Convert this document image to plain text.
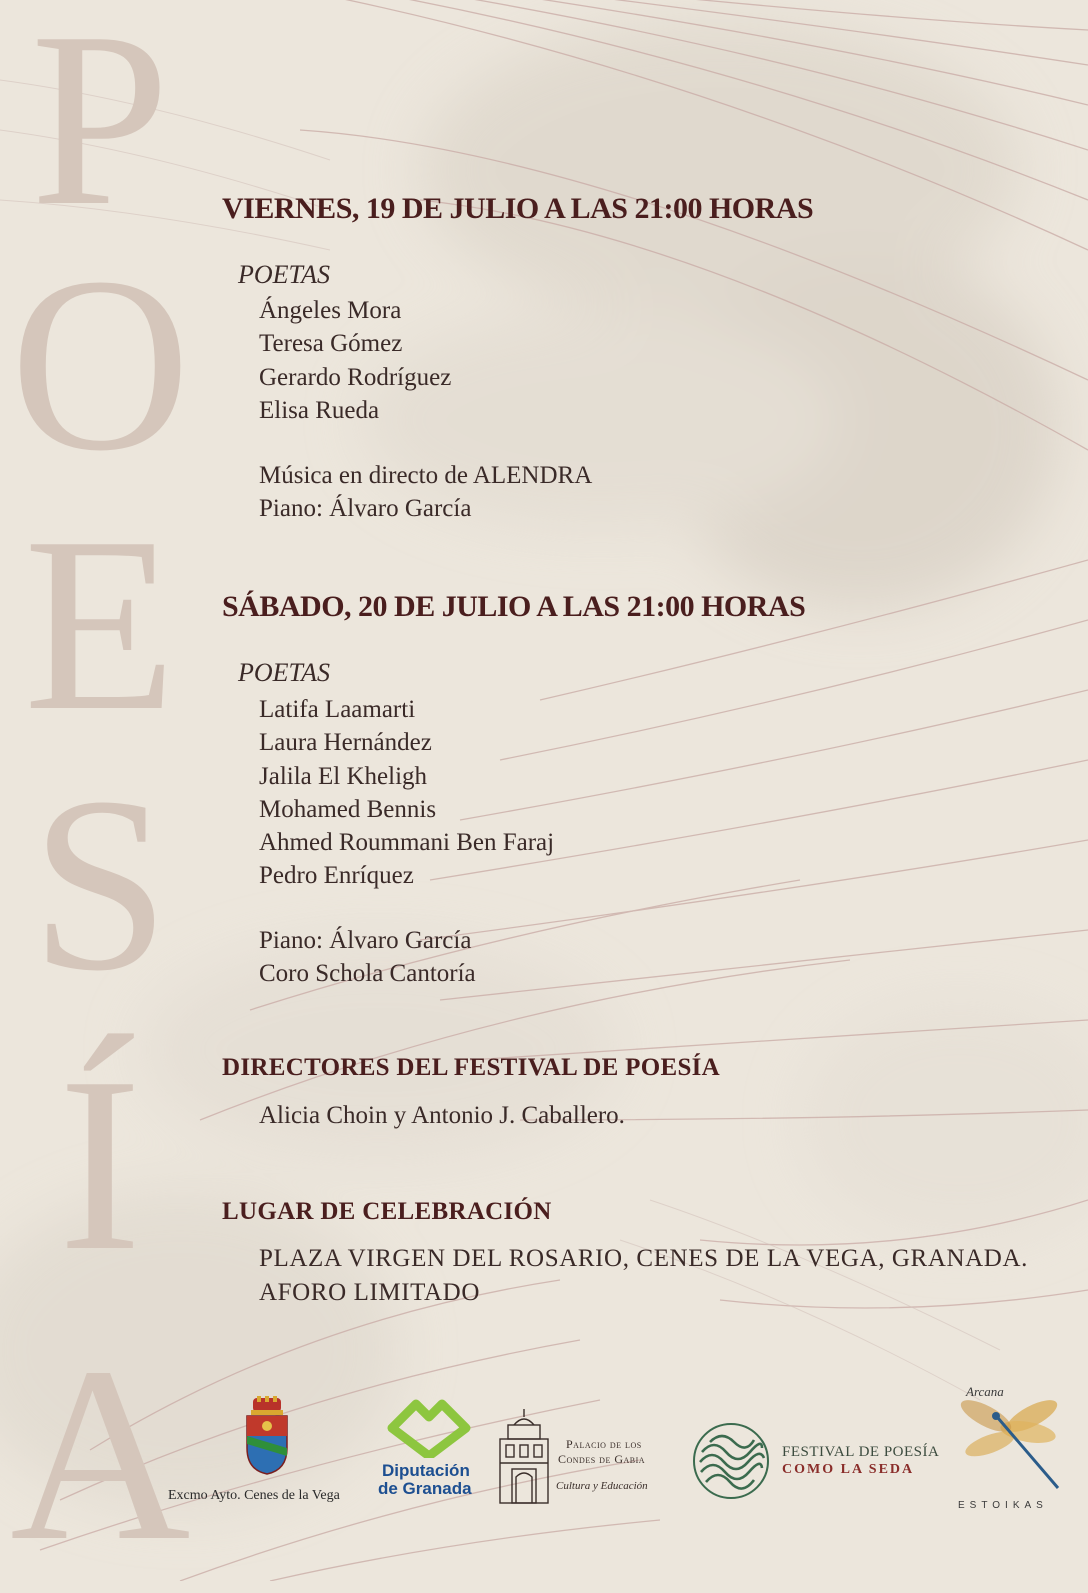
P
O
E
S
Í
A
VIERNES, 19 DE JULIO A LAS 21:00 HORAS
POETAS
Ángeles Mora
Teresa Gómez
Gerardo Rodríguez
Elisa Rueda
Música en directo de ALENDRA
Piano: Álvaro García
SÁBADO, 20 DE JULIO A LAS 21:00 HORAS
POETAS
Latifa Laamarti
Laura Hernández
Jalila El Kheligh
Mohamed Bennis
Ahmed Roummani Ben Faraj
Pedro Enríquez
Piano: Álvaro García
Coro Schola Cantoría
DIRECTORES DEL FESTIVAL DE POESÍA
Alicia Choin y Antonio J. Caballero.
LUGAR DE CELEBRACIÓN
PLAZA VIRGEN DEL ROSARIO, CENES DE LA VEGA, GRANADA.
AFORO LIMITADO
Excmo Ayto. Cenes de la Vega
Diputación
de Granada
Palacio de los
Condes de Gabia
Cultura y Educación
FESTIVAL DE POESÍA
COMO LA SEDA
Arcana
ESTOIKAS
